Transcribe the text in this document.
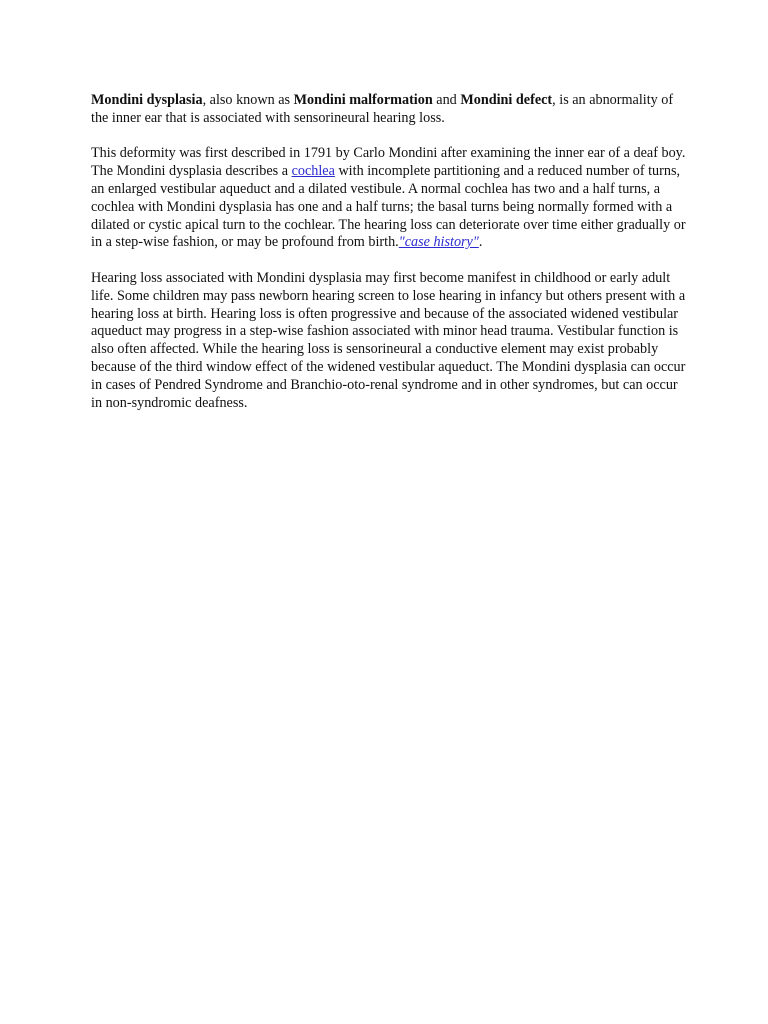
Mondini dysplasia, also known as Mondini malformation and Mondini defect, is an abnormality of the inner ear that is associated with sensorineural hearing loss.

This deformity was first described in 1791 by Carlo Mondini after examining the inner ear of a deaf boy. The Mondini dysplasia describes a cochlea with incomplete partitioning and a reduced number of turns, an enlarged vestibular aqueduct and a dilated vestibule. A normal cochlea has two and a half turns, a cochlea with Mondini dysplasia has one and a half turns; the basal turns being normally formed with a dilated or cystic apical turn to the cochlear. The hearing loss can deteriorate over time either gradually or in a step-wise fashion, or may be profound from birth."case history".

Hearing loss associated with Mondini dysplasia may first become manifest in childhood or early adult life. Some children may pass newborn hearing screen to lose hearing in infancy but others present with a hearing loss at birth. Hearing loss is often progressive and because of the associated widened vestibular aqueduct may progress in a step-wise fashion associated with minor head trauma. Vestibular function is also often affected. While the hearing loss is sensorineural a conductive element may exist probably because of the third window effect of the widened vestibular aqueduct. The Mondini dysplasia can occur in cases of Pendred Syndrome and Branchio-oto-renal syndrome and in other syndromes, but can occur in non-syndromic deafness.
